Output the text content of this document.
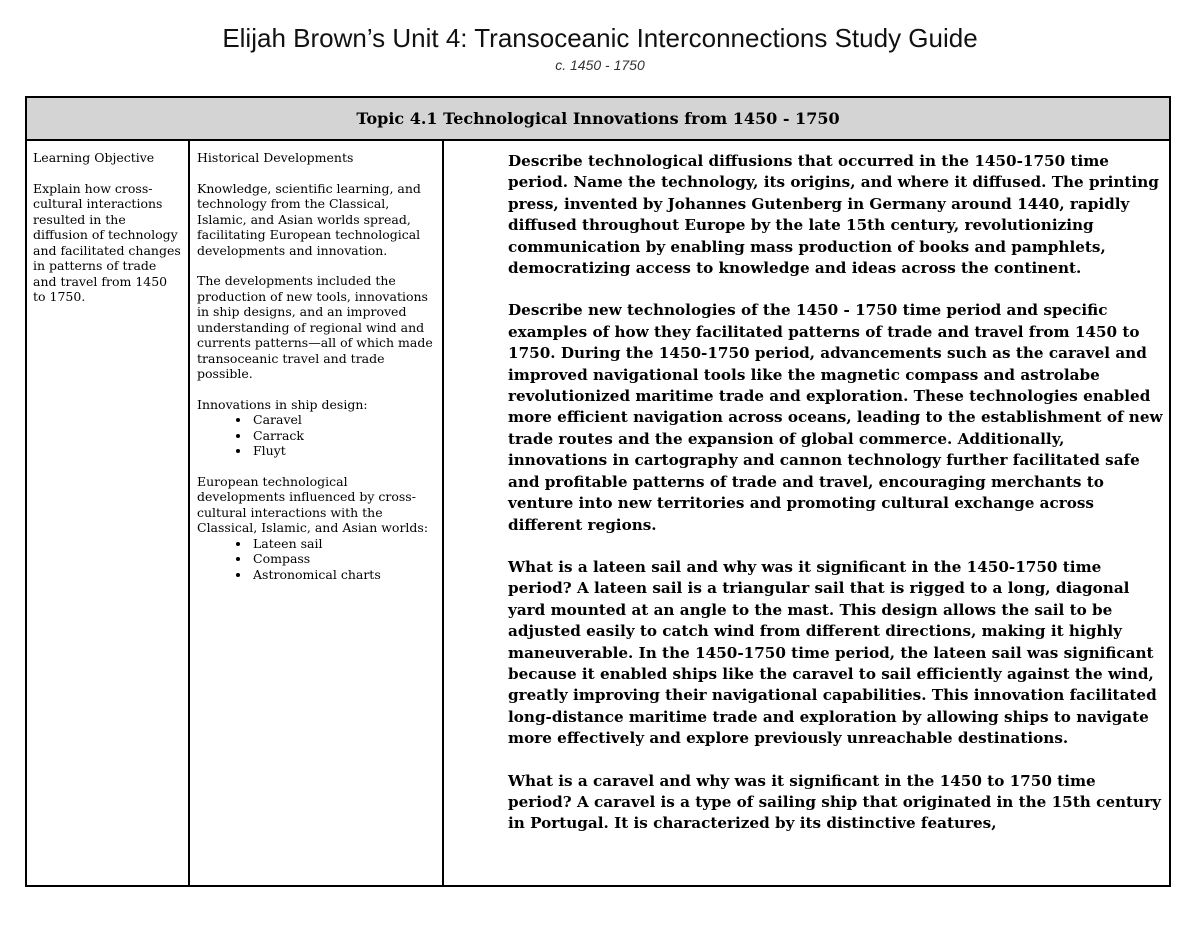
Elijah Brown’s Unit 4: Transoceanic Interconnections Study Guide
c. 1450 - 1750
Topic 4.1 Technological Innovations from 1450 - 1750
Learning Objective

Explain how cross-cultural interactions resulted in the diffusion of technology and facilitated changes in patterns of trade and travel from 1450 to 1750.

Historical Developments

Knowledge, scientific learning, and technology from the Classical, Islamic, and Asian worlds spread, facilitating European technological developments and innovation.

The developments included the production of new tools, innovations in ship designs, and an improved understanding of regional wind and currents patterns—all of which made transoceanic travel and trade possible.

Innovations in ship design:

• Caravel
• Carrack
• Fluyt

European technological developments influenced by cross-cultural interactions with the Classical, Islamic, and Asian worlds:

• Lateen sail
• Compass
• Astronomical charts

Describe technological diffusions that occurred in the 1450-1750 time period. Name the technology, its origins, and where it diffused. The printing press, invented by Johannes Gutenberg in Germany around 1440, rapidly diffused throughout Europe by the late 15th century, revolutionizing communication by enabling mass production of books and pamphlets, democratizing access to knowledge and ideas across the continent.

Describe new technologies of the 1450 - 1750 time period and specific examples of how they facilitated patterns of trade and travel from 1450 to 1750. During the 1450-1750 period, advancements such as the caravel and improved navigational tools like the magnetic compass and astrolabe revolutionized maritime trade and exploration. These technologies enabled more efficient navigation across oceans, leading to the establishment of new trade routes and the expansion of global commerce. Additionally, innovations in cartography and cannon technology further facilitated safe and profitable patterns of trade and travel, encouraging merchants to venture into new territories and promoting cultural exchange across different regions.

What is a lateen sail and why was it significant in the 1450-1750 time period? A lateen sail is a triangular sail that is rigged to a long, diagonal yard mounted at an angle to the mast. This design allows the sail to be adjusted easily to catch wind from different directions, making it highly maneuverable. In the 1450-1750 time period, the lateen sail was significant because it enabled ships like the caravel to sail efficiently against the wind, greatly improving their navigational capabilities. This innovation facilitated long-distance maritime trade and exploration by allowing ships to navigate more effectively and explore previously unreachable destinations.

What is a caravel and why was it significant in the 1450 to 1750 time period? A caravel is a type of sailing ship that originated in the 15th century in Portugal. It is characterized by its distinctive features,
